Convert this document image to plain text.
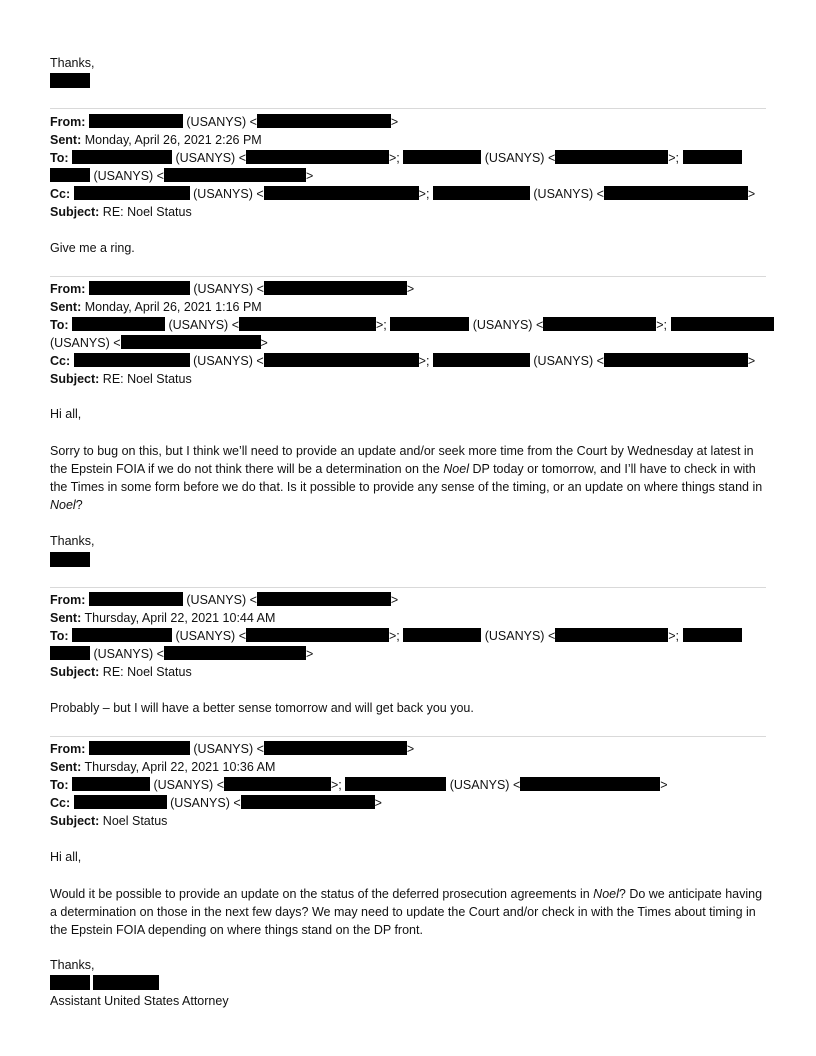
Thanks,
From:	(USANYS) <	>
Sent: Monday, April 26, 2021 2:26 PM
To:	(USANYS) <	>;	(USANYS) <	>;
(USANYS) <	>
Cc:	(USANYS) <	>;	(USANYS) <	>
Subject: RE: Noel Status
Give me a ring.
From:	(USANYS) <	>
Sent: Monday, April 26, 2021 1:16 PM
To:	(USANYS) <	>;	(USANYS) <	>;
(USANYS) <	>
Cc:	(USANYS) <	>;	(USANYS) <	>
Subject: RE: Noel Status
Hi all,
Sorry to bug on this, but I think we’ll need to provide an update and/or seek more time from the Court by Wednesday at latest in the Epstein FOIA if we do not think there will be a determination on the Noel DP today or tomorrow, and I’ll have to check in with the Times in some form before we do that. Is it possible to provide any sense of the timing, or an update on where things stand in Noel?
Thanks,
From:	(USANYS) <	>
Sent: Thursday, April 22, 2021 10:44 AM
To:	(USANYS) <	>;	(USANYS) <	>;
(USANYS) <	>
Subject: RE: Noel Status
Probably – but I will have a better sense tomorrow and will get back you you.
From:	(USANYS) <	>
Sent: Thursday, April 22, 2021 10:36 AM
To:	(USANYS) <	>;	(USANYS) <	>
Cc:	(USANYS) <	>
Subject: Noel Status
Hi all,
Would it be possible to provide an update on the status of the deferred prosecution agreements in Noel? Do we anticipate having a determination on those in the next few days? We may need to update the Court and/or check in with the Times about timing in the Epstein FOIA depending on where things stand on the DP front.
Thanks,

Assistant United States Attorney
